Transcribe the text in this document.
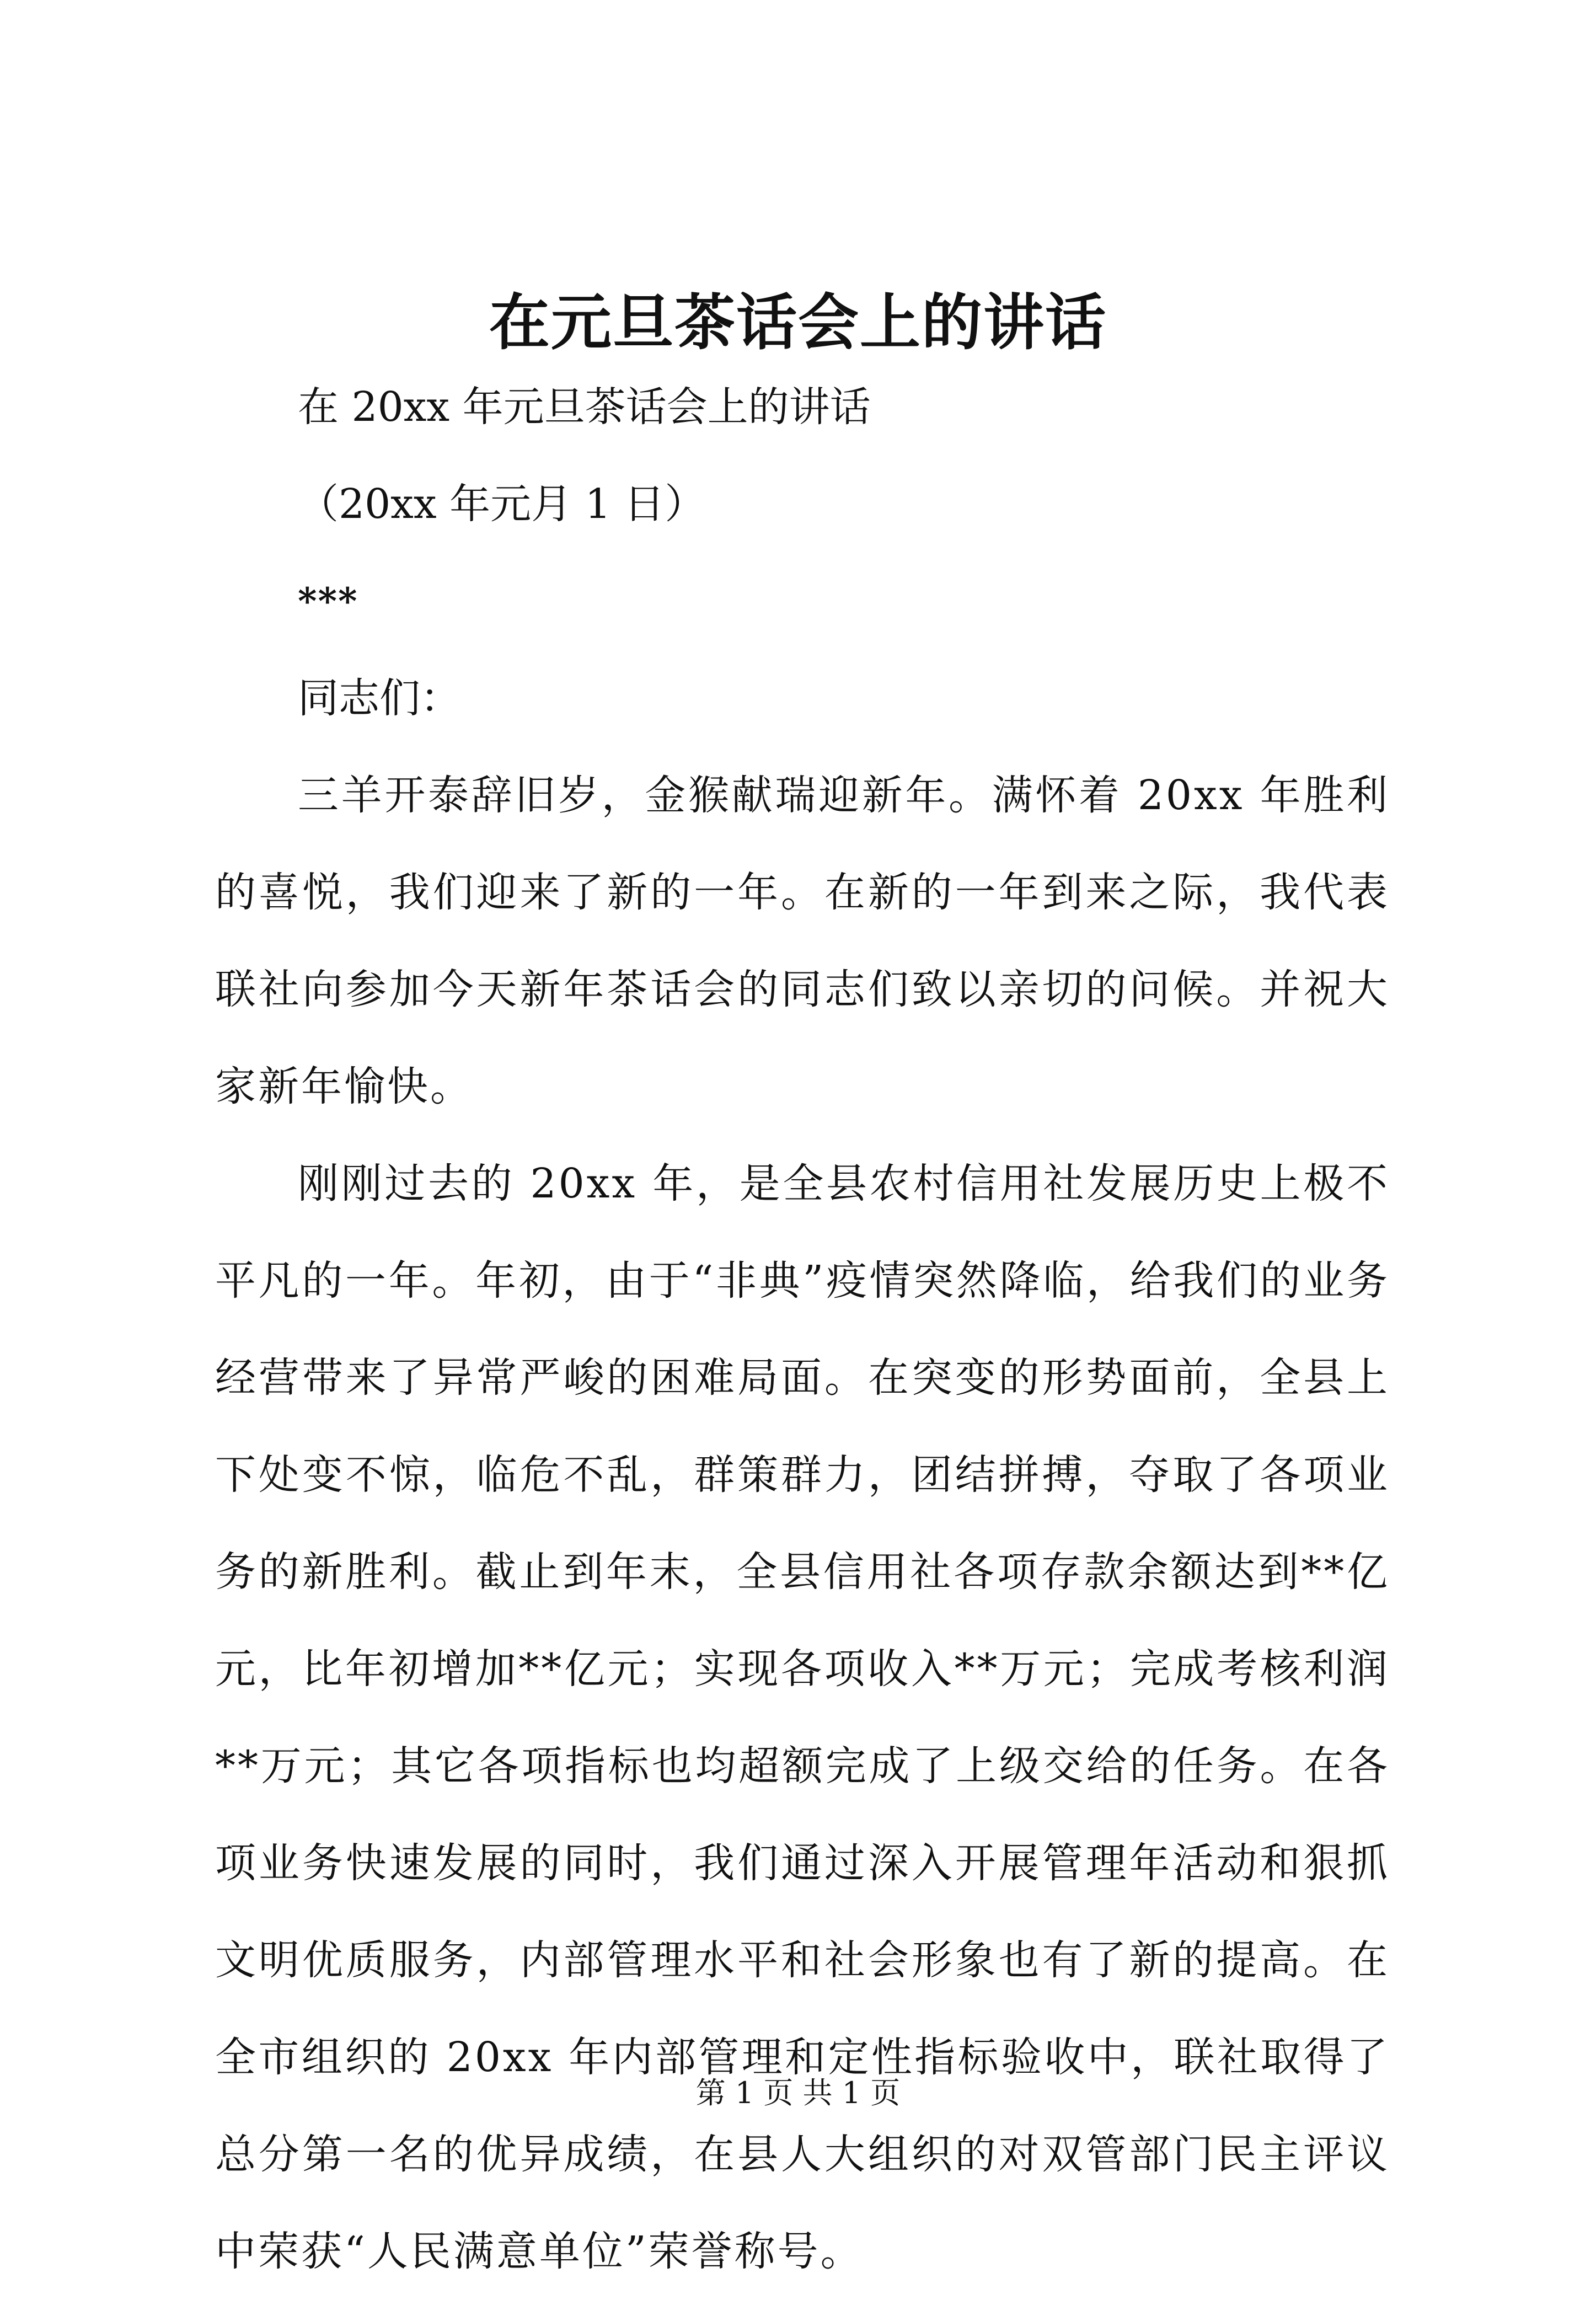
在元旦茶话会上的讲话

在 20xx 年元旦茶话会上的讲话

（20xx 年元月 1 日）

***

同志们：

三羊开泰辞旧岁，金猴献瑞迎新年。满怀着 20xx 年胜利的喜悦，我们迎来了新的一年。在新的一年到来之际，我代表联社向参加今天新年茶话会的同志们致以亲切的问候。并祝大家新年愉快。

刚刚过去的 20xx 年，是全县农村信用社发展历史上极不平凡的一年。年初，由于“非典”疫情突然降临，给我们的业务经营带来了异常严峻的困难局面。在突变的形势面前，全县上下处变不惊，临危不乱，群策群力，团结拼搏，夺取了各项业务的新胜利。截止到年末，全县信用社各项存款余额达到**亿元，比年初增加**亿元；实现各项收入**万元；完成考核利润**万元；其它各项指标也均超额完成了上级交给的任务。在各项业务快速发展的同时，我们通过深入开展管理年活动和狠抓文明优质服务，内部管理水平和社会形象也有了新的提高。在全市组织的 20xx 年内部管理和定性指标验收中，联社取得了总分第一名的优异成绩，在县人大组织的对双管部门民主评议中荣获“人民满意单位”荣誉称号。

第 1 页 共 1 页
